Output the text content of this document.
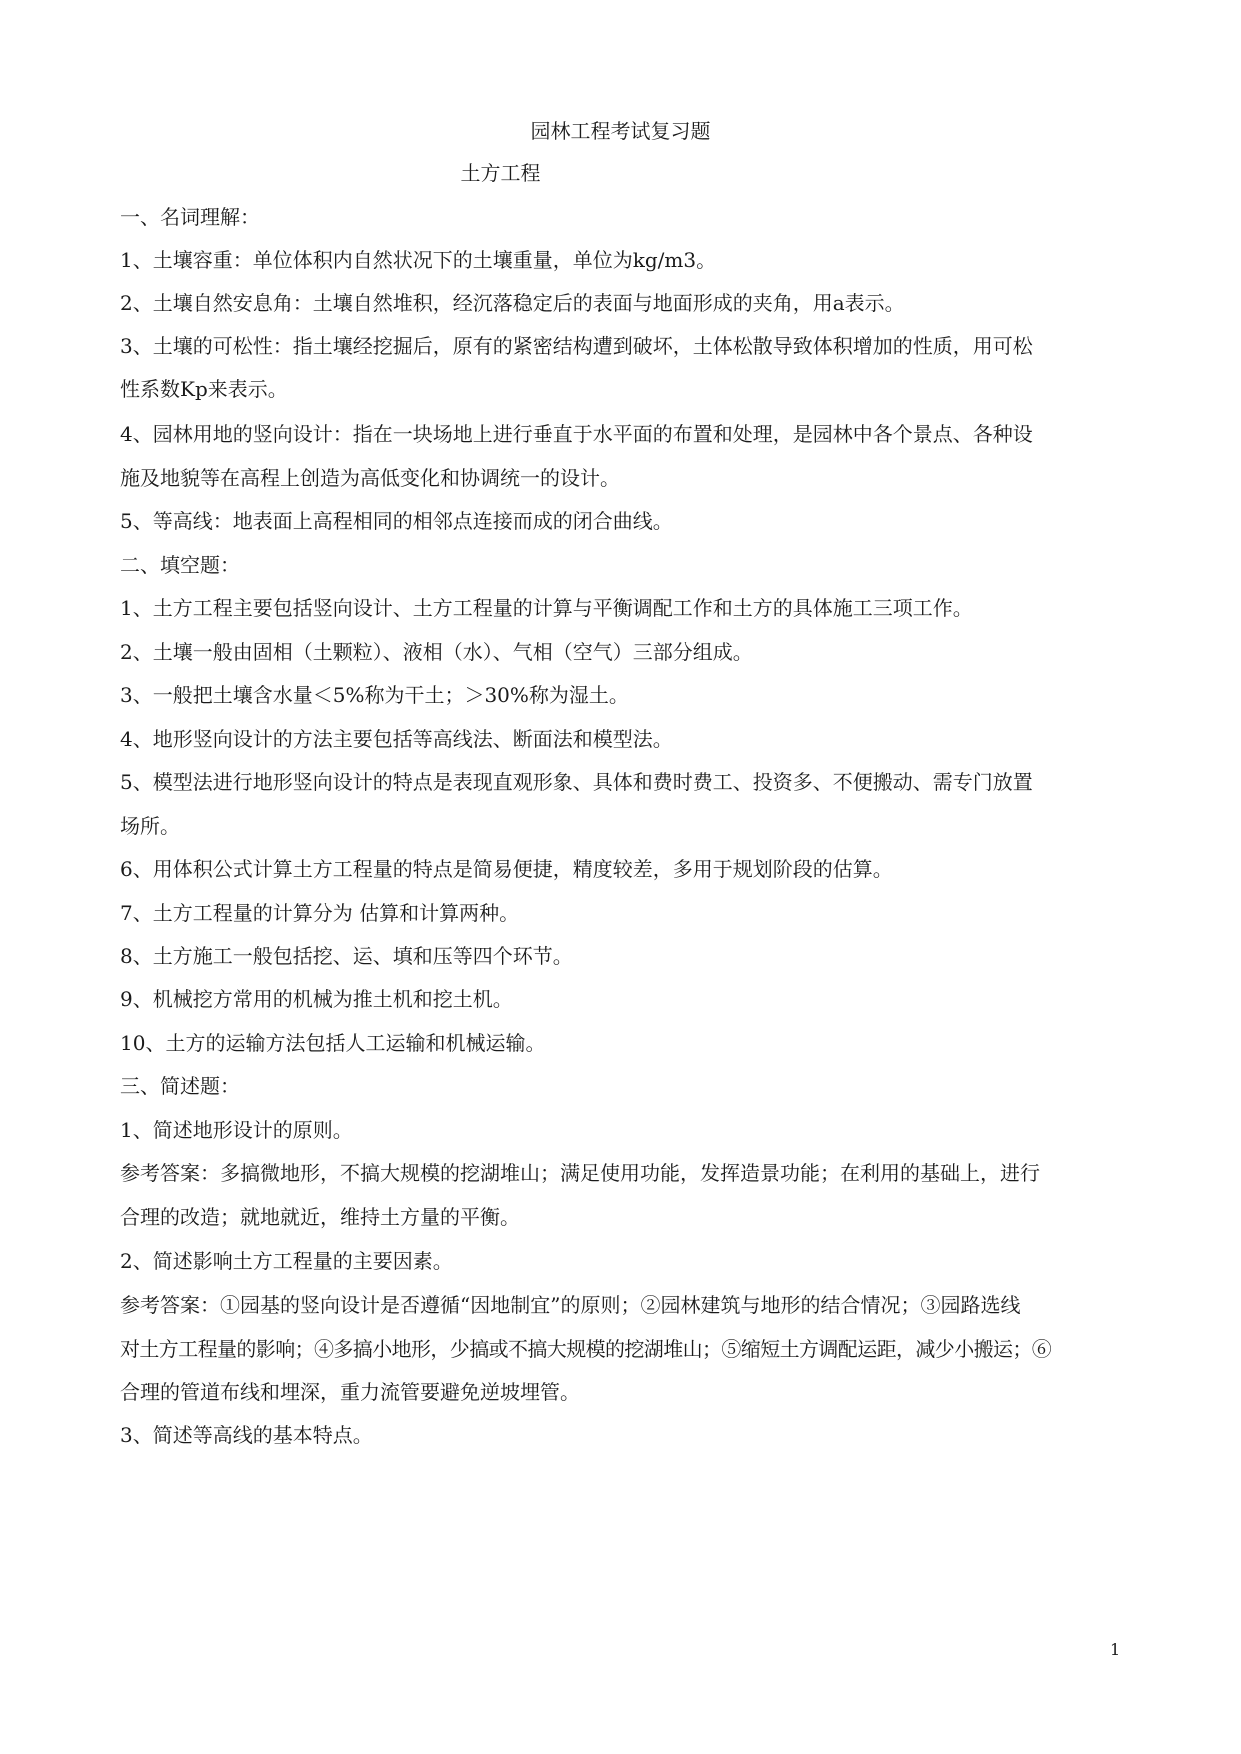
园林工程考试复习题
土方工程
一、名词理解：
1、土壤容重：单位体积内自然状况下的土壤重量，单位为kg/m3。
2、土壤自然安息角：土壤自然堆积，经沉落稳定后的表面与地面形成的夹角，用a表示。
3、土壤的可松性：指土壤经挖掘后，原有的紧密结构遭到破坏，土体松散导致体积增加的性质，用可松
性系数Kp来表示。
4、园林用地的竖向设计：指在一块场地上进行垂直于水平面的布置和处理，是园林中各个景点、各种设
施及地貌等在高程上创造为高低变化和协调统一的设计。
5、等高线：地表面上高程相同的相邻点连接而成的闭合曲线。
二、填空题：
1、土方工程主要包括竖向设计、土方工程量的计算与平衡调配工作和土方的具体施工三项工作。
2、土壤一般由固相（土颗粒）、液相（水）、气相（空气）三部分组成。
3、一般把土壤含水量＜5%称为干土；＞30%称为湿土。
4、地形竖向设计的方法主要包括等高线法、断面法和模型法。
5、模型法进行地形竖向设计的特点是表现直观形象、具体和费时费工、投资多、不便搬动、需专门放置
场所。
6、用体积公式计算土方工程量的特点是简易便捷，精度较差，多用于规划阶段的估算。
7、土方工程量的计算分为 估算和计算两种。
8、土方施工一般包括挖、运、填和压等四个环节。
9、机械挖方常用的机械为推土机和挖土机。
10、土方的运输方法包括人工运输和机械运输。
三、简述题：
1、简述地形设计的原则。
参考答案：多搞微地形，不搞大规模的挖湖堆山；满足使用功能，发挥造景功能；在利用的基础上，进行
合理的改造；就地就近，维持土方量的平衡。
2、简述影响土方工程量的主要因素。
参考答案：①园基的竖向设计是否遵循“因地制宜”的原则；②园林建筑与地形的结合情况；③园路选线
对土方工程量的影响；④多搞小地形，少搞或不搞大规模的挖湖堆山；⑤缩短土方调配运距，减少小搬运；⑥
合理的管道布线和埋深，重力流管要避免逆坡埋管。
3、简述等高线的基本特点。
1
